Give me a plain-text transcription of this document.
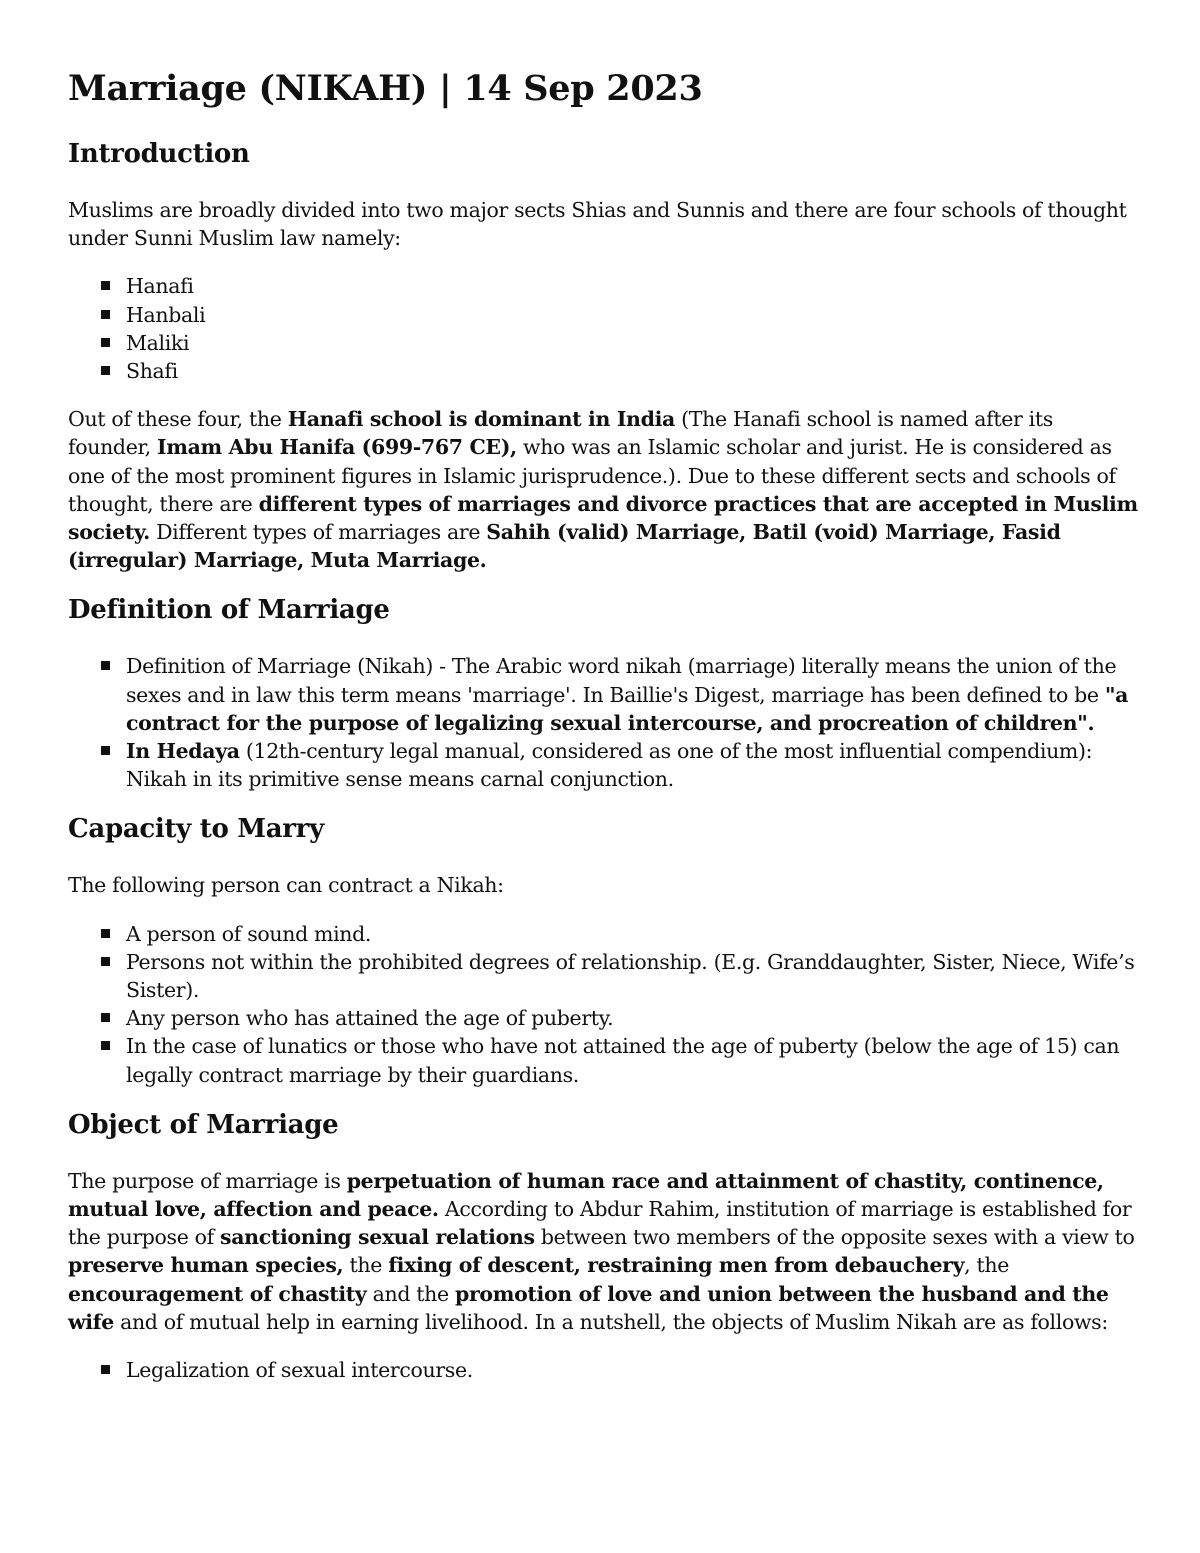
Marriage (NIKAH) | 14 Sep 2023
Introduction

Muslims are broadly divided into two major sects Shias and Sunnis and there are four schools of thought under Sunni Muslim law namely:

Hanafi
Hanbali
Maliki
Shafi

Out of these four, the Hanafi school is dominant in India (The Hanafi school is named after its founder, Imam Abu Hanifa (699-767 CE), who was an Islamic scholar and jurist. He is considered as one of the most prominent figures in Islamic jurisprudence.). Due to these different sects and schools of thought, there are different types of marriages and divorce practices that are accepted in Muslim society. Different types of marriages are Sahih (valid) Marriage, Batil (void) Marriage, Fasid (irregular) Marriage, Muta Marriage.

Definition of Marriage
Definition of Marriage (Nikah) - The Arabic word nikah (marriage) literally means the union of the sexes and in law this term means 'marriage'. In Baillie's Digest, marriage has been defined to be "a contract for the purpose of legalizing sexual intercourse, and procreation of children".
In Hedaya (12th-century legal manual, considered as one of the most influential compendium): Nikah in its primitive sense means carnal conjunction.
Capacity to Marry

The following person can contract a Nikah:

A person of sound mind.
Persons not within the prohibited degrees of relationship. (E.g. Granddaughter, Sister, Niece, Wife’s Sister).
Any person who has attained the age of puberty.
In the case of lunatics or those who have not attained the age of puberty (below the age of 15) can legally contract marriage by their guardians.
Object of Marriage

The purpose of marriage is perpetuation of human race and attainment of chastity, continence, mutual love, affection and peace. According to Abdur Rahim, institution of marriage is established for the purpose of sanctioning sexual relations between two members of the opposite sexes with a view to preserve human species, the fixing of descent, restraining men from debauchery, the encouragement of chastity and the promotion of love and union between the husband and the wife and of mutual help in earning livelihood. In a nutshell, the objects of Muslim Nikah are as follows:

Legalization of sexual intercourse.
